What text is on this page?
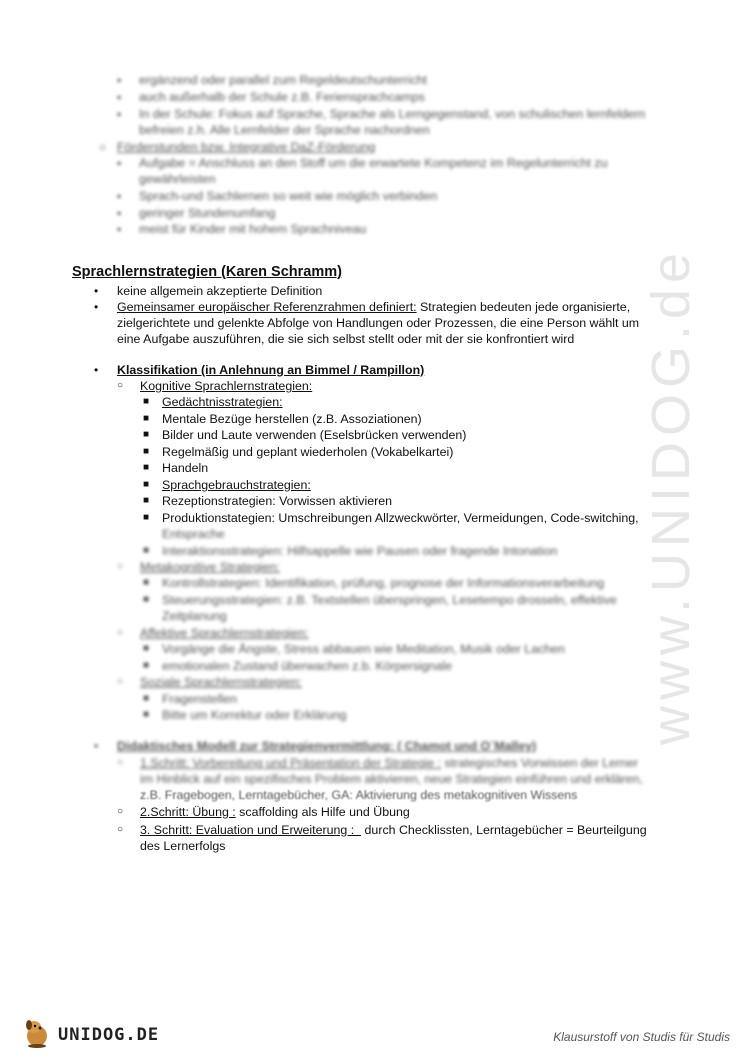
www.UNIDOG.de
▪ ergänzend oder parallel zum Regeldeutschunterricht
▪ auch außerhalb der Schule z.B. Feriensprachcamps
▪ In der Schule: Fokus auf Sprache, Sprache als Lerngegenstand, von schulischen lernfeldern
befreien z.h. Alle Lernfelder der Sprache nachordnen
○ Förderstunden bzw. Integrative DaZ-Förderung
▪ Aufgabe = Anschluss an den Stoff um die erwartete Kompetenz im Regelunterricht zu
gewährleisten
▪ Sprach-und Sachlernen so weit wie möglich verbinden
▪ geringer Stundenumfang
▪ meist für Kinder mit hohem Sprachniveau
Sprachlernstrategien (Karen Schramm)
• keine allgemein akzeptierte Definition
• Gemeinsamer europäischer Referenzrahmen definiert: Strategien bedeuten jede organisierte,
zielgerichtete und gelenkte Abfolge von Handlungen oder Prozessen, die eine Person wählt um
eine Aufgabe auszuführen, die sie sich selbst stellt oder mit der sie konfrontiert wird
• Klassifikation (in Anlehnung an Bimmel / Rampillon)
○ Kognitive Sprachlernstrategien:
■ Gedächtnisstrategien:
■ Mentale Bezüge herstellen (z.B. Assoziationen)
■ Bilder und Laute verwenden (Eselsbrücken verwenden)
■ Regelmäßig und geplant wiederholen (Vokabelkartei)
■ Handeln
■ Sprachgebrauchstrategien:
■ Rezeptionstrategien: Vorwissen aktivieren
■ Produktionstategien: Umschreibungen Allzweckwörter, Vermeidungen, Code-switching,
Entsprache
■ Interaktionsstrategien: Hilfsappelle wie Pausen oder fragende Intonation
○ Metakognitive Strategien:
■ Kontrollstrategien: Identifikation, prüfung, prognose der Informationsverarbeitung
■ Steuerungsstrategien: z.B. Textstellen überspringen, Lesetempo drosseln, effektive
Zeitplanung
○ Affektive Sprachlernstrategien:
■ Vorgänge die Ängste, Stress abbauen wie Meditation, Musik oder Lachen
■ emotionalen Zustand überwachen z.b. Körpersignale
○ Soziale Sprachlernstrategien:
■ Fragenstellen
■ Bitte um Korrektur oder Erklärung
• Didaktisches Modell zur Strategienvermittlung: ( Chamot und O´Malley)
○ 1.Schritt: Vorbereitung und Präsentation der Strategie : strategisches Vorwissen der Lerner
im Hinblick auf ein spezifisches Problem aktivieren, neue Strategien einführen und erklären,
z.B. Fragebogen, Lerntagebücher, GA: Aktivierung des metakognitiven Wissens
○ 2.Schritt: Übung : scaffolding als Hilfe und Übung
○ 3. Schritt: Evaluation und Erweiterung :   durch Checklissten, Lerntagebücher = Beurteilgung
des Lernerfolgs
UNIDOG.DE	Klausurstoff von Studis für Studis
